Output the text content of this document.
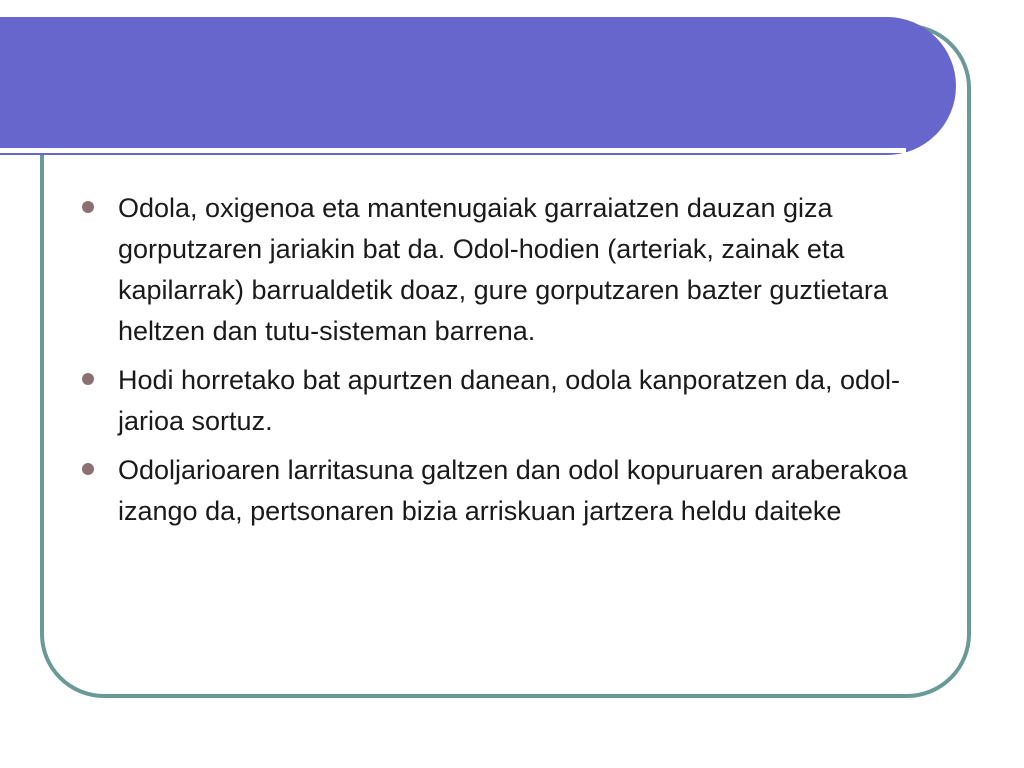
Odola, oxigenoa eta mantenugaiak garraiatzen dauzan giza gorputzaren jariakin bat da. Odol-hodien (arteriak, zainak eta kapilarrak) barrualdetik doaz, gure gorputzaren bazter guztietara heltzen dan tutu-sisteman barrena.
Hodi horretako bat apurtzen danean, odola kanporatzen da, odol-jarioa sortuz.
Odoljarioaren larritasuna galtzen dan odol kopuruaren araberakoa izango da, pertsonaren bizia arriskuan jartzera heldu daiteke
